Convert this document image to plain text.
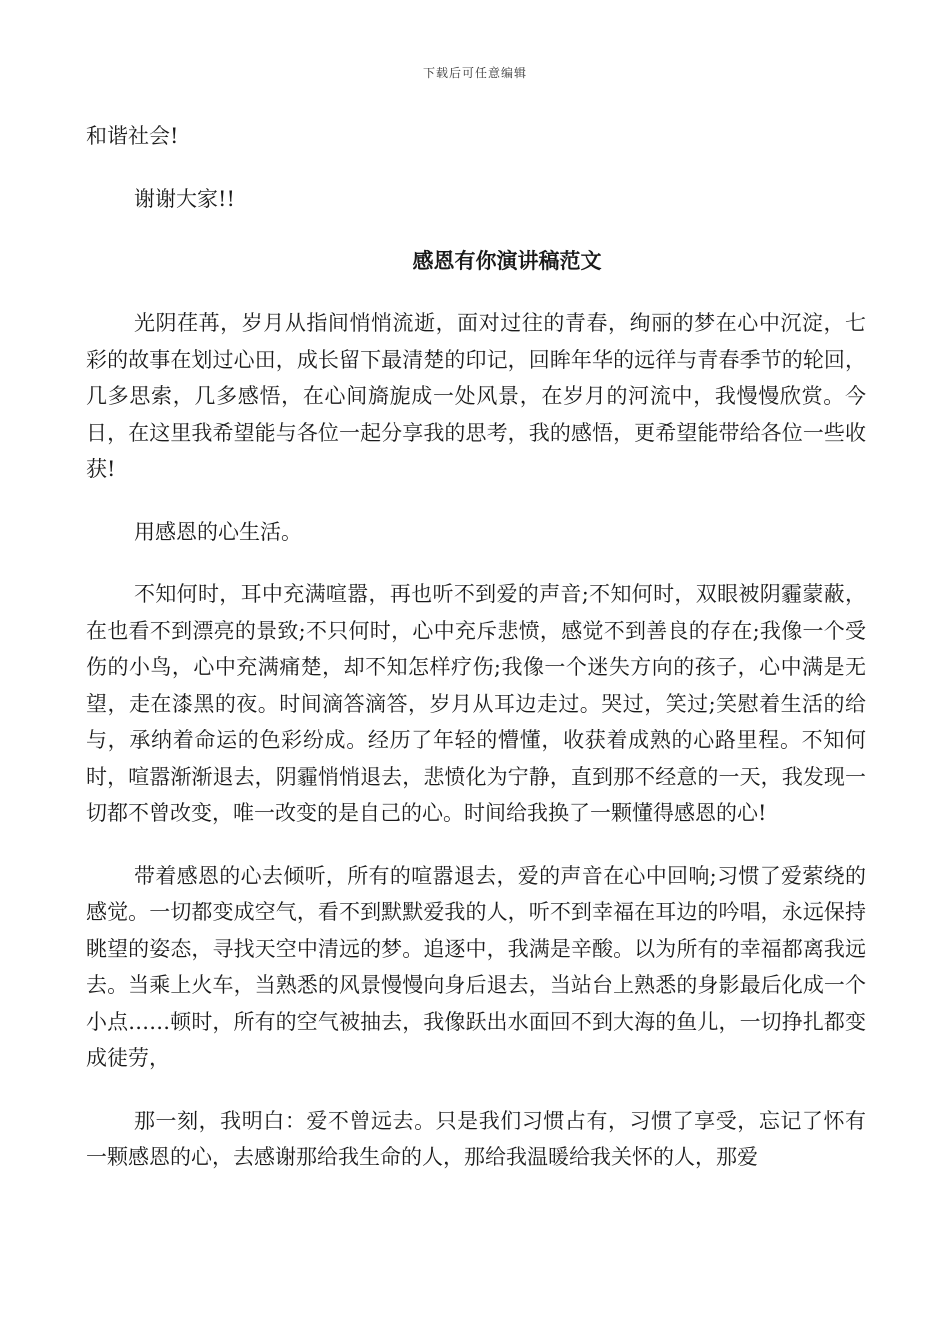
下载后可任意编辑

和谐社会!

谢谢大家!!

感恩有你演讲稿范文

光阴荏苒，岁月从指间悄悄流逝，面对过往的青春，绚丽的梦在心中沉淀，七彩的故事在划过心田，成长留下最清楚的印记，回眸年华的远徉与青春季节的轮回，几多思索，几多感悟，在心间旖旎成一处风景，在岁月的河流中，我慢慢欣赏。今日，在这里我希望能与各位一起分享我的思考，我的感悟，更希望能带给各位一些收获!

用感恩的心生活。

不知何时，耳中充满喧嚣，再也听不到爱的声音;不知何时，双眼被阴霾蒙蔽，在也看不到漂亮的景致;不只何时，心中充斥悲愤，感觉不到善良的存在;我像一个受伤的小鸟，心中充满痛楚，却不知怎样疗伤;我像一个迷失方向的孩子，心中满是无望，走在漆黑的夜。时间滴答滴答，岁月从耳边走过。哭过，笑过;笑慰着生活的给与，承纳着命运的色彩纷成。经历了年轻的懵懂，收获着成熟的心路里程。不知何时，喧嚣渐渐退去，阴霾悄悄退去，悲愤化为宁静，直到那不经意的一天，我发现一切都不曾改变，唯一改变的是自己的心。时间给我换了一颗懂得感恩的心!

带着感恩的心去倾听，所有的喧嚣退去，爱的声音在心中回响;习惯了爱萦绕的感觉。一切都变成空气，看不到默默爱我的人，听不到幸福在耳边的吟唱，永远保持眺望的姿态，寻找天空中清远的梦。追逐中，我满是辛酸。以为所有的幸福都离我远去。当乘上火车，当熟悉的风景慢慢向身后退去，当站台上熟悉的身影最后化成一个小点……顿时，所有的空气被抽去，我像跃出水面回不到大海的鱼儿，一切挣扎都变成徒劳，

那一刻，我明白：爱不曾远去。只是我们习惯占有，习惯了享受，忘记了怀有一颗感恩的心，去感谢那给我生命的人，那给我温暖给我关怀的人，那爱
